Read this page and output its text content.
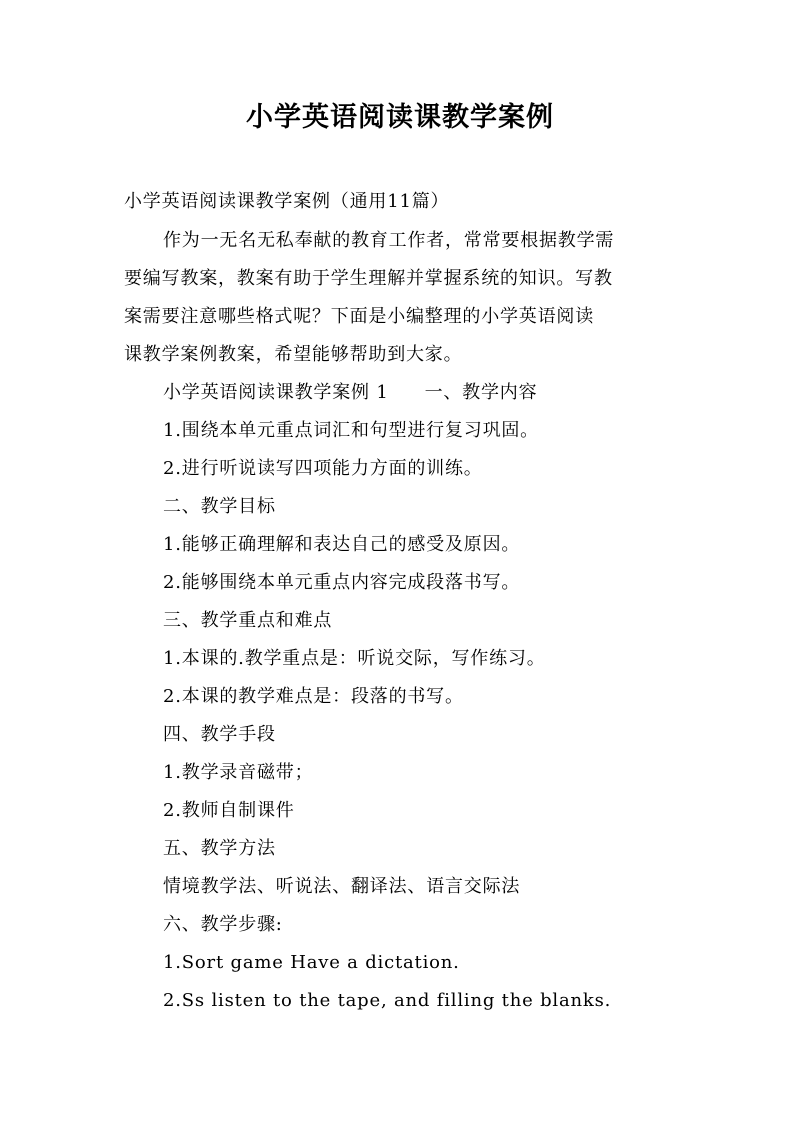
小学英语阅读课教学案例
小学英语阅读课教学案例（通用11篇）
作为一无名无私奉献的教育工作者，常常要根据教学需
要编写教案，教案有助于学生理解并掌握系统的知识。写教
案需要注意哪些格式呢？下面是小编整理的小学英语阅读
课教学案例教案，希望能够帮助到大家。
小学英语阅读课教学案例 1 一、教学内容
1.围绕本单元重点词汇和句型进行复习巩固。
2.进行听说读写四项能力方面的训练。
二、教学目标
1.能够正确理解和表达自己的感受及原因。
2.能够围绕本单元重点内容完成段落书写。
三、教学重点和难点
1.本课的.教学重点是：听说交际，写作练习。
2.本课的教学难点是：段落的书写。
四、教学手段
1.教学录音磁带；
2.教师自制课件
五、教学方法
情境教学法、听说法、翻译法、语言交际法
六、教学步骤:
1.Sort game Have a dictation.
2.Ss listen to the tape, and filling the blanks.
